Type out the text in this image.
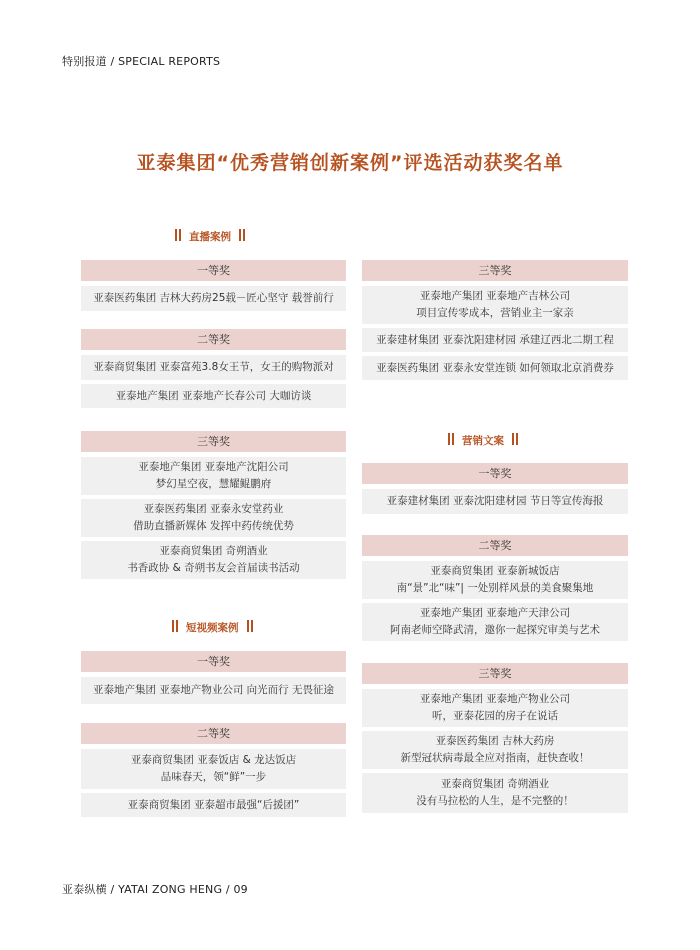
特别报道 / SPECIAL REPORTS
亚泰集团“优秀营销创新案例”评选活动获奖名单
直播案例
一等奖
亚泰医药集团 吉林大药房25载－匠心坚守 载誉前行
二等奖
亚泰商贸集团 亚泰富苑3.8女王节，女王的购物派对
亚泰地产集团 亚泰地产长春公司 大咖访谈
三等奖
亚泰地产集团 亚泰地产沈阳公司
梦幻星空夜，慧耀鲲鹏府
亚泰医药集团 亚泰永安堂药业
借助直播新媒体 发挥中药传统优势
亚泰商贸集团 奇朔酒业
书香政协 & 奇朔书友会首届读书活动
短视频案例
一等奖
亚泰地产集团 亚泰地产物业公司 向光而行 无畏征途
二等奖
亚泰商贸集团 亚泰饭店 & 龙达饭店
品味春天，领“鲜”一步
亚泰商贸集团 亚泰超市最强“后援团”
三等奖
亚泰地产集团 亚泰地产吉林公司
项目宣传零成本，营销业主一家亲
亚泰建材集团 亚泰沈阳建材园 承建辽西北二期工程
亚泰医药集团 亚泰永安堂连锁 如何领取北京消费券
营销文案
一等奖
亚泰建材集团 亚泰沈阳建材园 节日等宣传海报
二等奖
亚泰商贸集团 亚泰新城饭店
南“景”北“味”| 一处别样风景的美食聚集地
亚泰地产集团 亚泰地产天津公司
阿南老师空降武清，邀你一起探究审美与艺术
三等奖
亚泰地产集团 亚泰地产物业公司
听，亚泰花园的房子在说话
亚泰医药集团 吉林大药房
新型冠状病毒最全应对指南，赶快查收！
亚泰商贸集团 奇朔酒业
没有马拉松的人生，是不完整的！
亚泰纵横 / YATAI ZONG HENG / 09
